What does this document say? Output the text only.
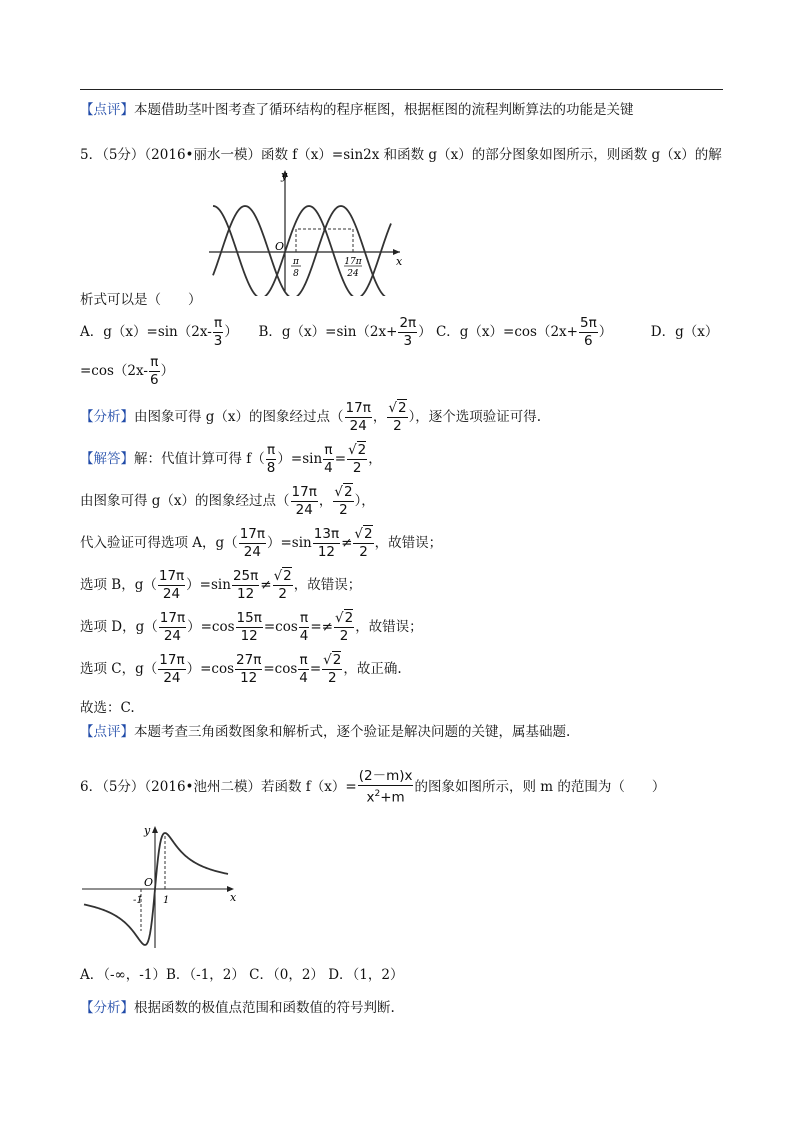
【点评】本题借助茎叶图考查了循环结构的程序框图，根据框图的流程判断算法的功能是关键
5．（5分）（2016•丽水一模）函数 f（x）=sin2x 和函数 g（x）的部分图象如图所示，则函数 g（x）的解
y
x
O
π
8
17π
24
析式可以是（　　）
A．$g(x)=\sin(2x- \frac{\pi}{3}$ ） B．$g(x)=\sin(2x+ \frac{2\pi}{3}$ ） C．$g(x)=\cos(2x+ \frac{5\pi}{6}$ ）	D．g（x）
$=\cos(2x- \frac{\pi}{6}$ ）
【分析】由图象可得 g（x）的图象经过点（ $\frac{17\pi}{24}$ ， $\frac{√2}{2}$ ），逐个选项验证可得.
【解答】解：代值计算可得 $f( \frac{\pi}{8} )=\sin \frac{\pi}{4} = \frac{√2}{2}$ ，
由图象可得 g（x）的图象经过点（ $\frac{17\pi}{24}$ ， $\frac{√2}{2}$ ），
代入验证可得选项 A，$g( \frac{17\pi}{24} )=\sin \frac{13\pi}{12} \ne \frac{√2}{2}$ ，故错误；
选项 B，$g( \frac{17\pi}{24} )=\sin \frac{25\pi}{12} \ne \frac{√2}{2}$ ，故错误；
选项 D，$g( \frac{17\pi}{24} )=\cos \frac{15\pi}{12} =\cos \frac{\pi}{4} =\ne \frac{√2}{2}$ ，故错误；
选项 C，$g( \frac{17\pi}{24} )=\cos \frac{27\pi}{12} =\cos \frac{\pi}{4} = \frac{√2}{2}$ ，故正确.
故选：C.
【点评】本题考查三角函数图象和解析式，逐个验证是解决问题的关键，属基础题.
6．（5分）（2016•池州二模）若函数 $f(x)= \frac{(2-m)x}{x^2+m}$ 的图象如图所示，则 m 的范围为（　　）
y
x
O
-1 1
A．（-∞，-1）B．（-1，2） C．（0，2） D．（1，2）
【分析】根据函数的极值点范围和函数值的符号判断.
